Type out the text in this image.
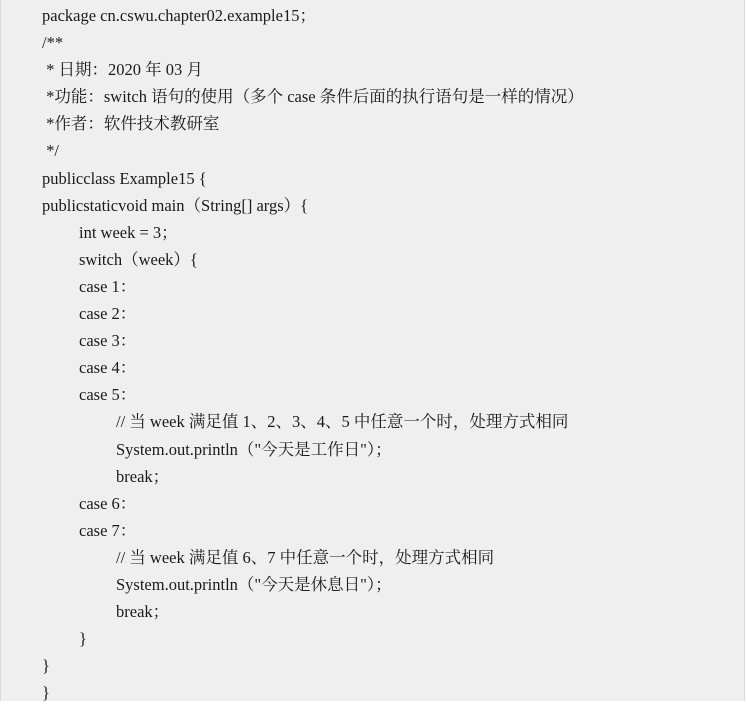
package cn.cswu.chapter02.example15；
/**
* 日期：2020 年 03 月
*功能：switch 语句的使用（多个 case 条件后面的执行语句是一样的情况）
*作者：软件技术教研室
*/
publicclass Example15 {
publicstaticvoid main（String[] args）{
int week = 3；
switch（week）{
case 1：
case 2：
case 3：
case 4：
case 5：
// 当 week 满足值 1、2、3、4、5 中任意一个时，处理方式相同
System.out.println（"今天是工作日"）；
break；
case 6：
case 7：
// 当 week 满足值 6、7 中任意一个时，处理方式相同
System.out.println（"今天是休息日"）；
break；
}
}
}
